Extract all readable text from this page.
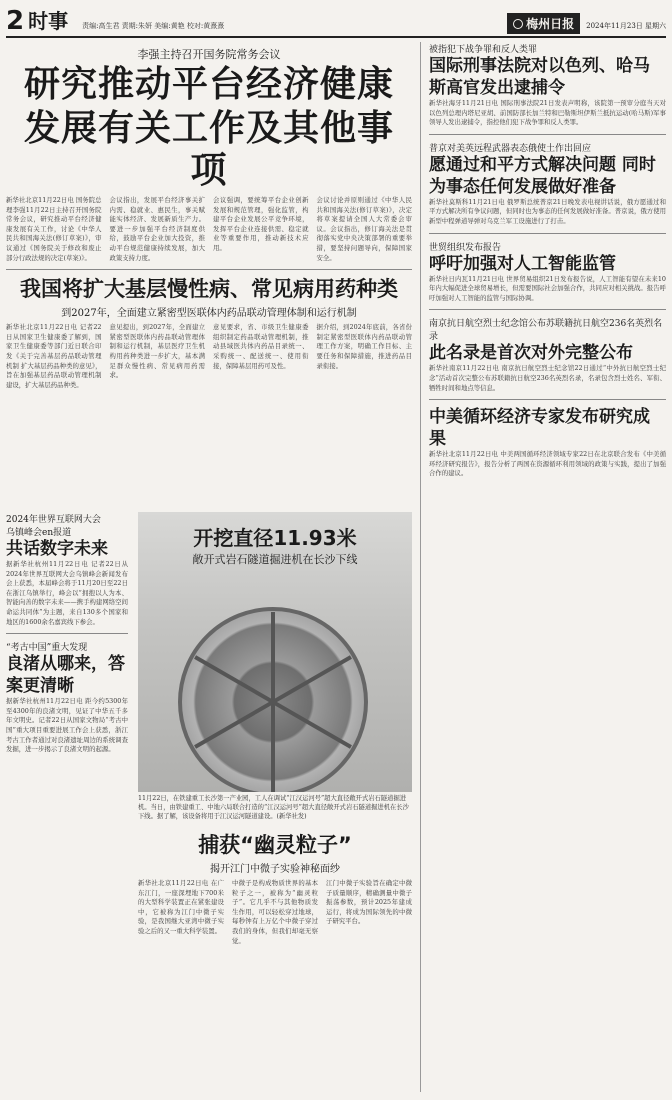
2 时事 责编:高生君 责期:朱妍 美编:黄艳 校对:黄熹熹	梅州日报 2024年11月23日 星期六
李强主持召开国务院常务会议
研究推动平台经济健康
发展有关工作及其他事项

新华社北京11月22日电 国务院总理李强11月22日主持召开国务院常务会议，研究推动平台经济健康发展有关工作，讨论《中华人民共和国海关法(修订草案)》，审议通过《国务院关于修改和废止部分行政法规的决定(草案)》。

会议指出，发展平台经济事关扩内需、稳就业、惠民生，事关赋能实体经济、发展新质生产力。要进一步加强平台经济制度供给，鼓励平台企业加大投资，推动平台规范健康持续发展，加大政策支持力度。

会议强调，要统筹平台企业创新发展和规范管理，强化监管，构建平台企业发展公平竞争环境，发挥平台企业连接供需、稳定就业等重要作用，推动新技术应用。

会议讨论并原则通过《中华人民共和国海关法(修订草案)》，决定将草案提请全国人大常委会审议。会议指出，修订海关法是贯彻落实党中央决策部署的重要举措，要坚持问题导向，保障国家安全。

我国将扩大基层慢性病、常见病用药种类
到2027年，全面建立紧密型医联体内药品联动管理体制和运行机制

新华社北京11月22日电 记者22日从国家卫生健康委了解到，国家卫生健康委等部门近日联合印发《关于完善基层药品联动管理机制 扩大基层药品种类的意见》，旨在加强基层药品联动管理机制建设，扩大基层药品种类。

意见提出，到2027年，全面建立紧密型医联体内药品联动管理体制和运行机制，基层医疗卫生机构用药种类进一步扩大，基本满足群众慢性病、常见病用药需求。

意见要求，省、市级卫生健康委组织制定药品联动管理机制，推动县域医共体内药品目录统一、采购统一、配送统一、使用衔接，保障基层用药可及性。

据介绍，到2024年底前，各省份制定紧密型医联体内药品联动管理工作方案，明确工作目标、主要任务和保障措施，推进药品目录衔接。

2024年世界互联网大会
乌镇峰会en报道
共话数字未来

据新华社杭州11月22日电 记者22日从2024年世界互联网大会乌镇峰会新闻发布会上获悉，本届峰会将于11月20日至22日在浙江乌镇举行，峰会以“拥抱以人为本、智能向善的数字未来——携手构建网络空间命运共同体”为主题，来自130多个国家和地区的1600余名嘉宾线下参会。

“考古中国”重大发现
良渚从哪来，答案更清晰

据新华社杭州11月22日电 距今约5300年至4300年的良渚文明，见证了中华五千多年文明史。记者22日从国家文物局“考古中国”重大项目重要进展工作会上获悉，浙江考古工作者通过对良渚遗址周边的系统调查发掘，进一步揭示了良渚文明的起源。

开挖直径11.93米
敞开式岩石隧道掘进机在长沙下线
11月22日，在铁建重工长沙第一产业园，工人在调试“江汉运河号”超大直径敞开式岩石隧道掘进机。当日，由铁建重工、中地六局联合打造的“江汉运河号”超大直径敞开式岩石隧道掘进机在长沙下线。据了解，该设备将用于江汉运河隧道建设。(新华社发)
捕获“幽灵粒子”
揭开江门中微子实验神秘面纱

新华社北京11月22日电 在广东江门，一座深埋地下700米的大型科学装置正在紧张建设中，它被称为江门中微子实验，是我国继大亚湾中微子实验之后的又一重大科学装置。

中微子是构成物质世界的基本粒子之一，被称为“幽灵粒子”。它几乎不与其他物质发生作用，可以轻松穿过地球，每秒钟有上万亿个中微子穿过我们的身体，但我们却毫无察觉。

江门中微子实验旨在确定中微子质量顺序，精确测量中微子振荡参数，预计2025年建成运行，将成为国际领先的中微子研究平台。

被指犯下战争罪和反人类罪
国际刑事法院对以色列、哈马斯高官发出逮捕令

新华社海牙11月21日电 国际刑事法院21日发表声明称，该院第一预审分庭当天对以色列总理内塔尼亚胡、前国防部长加兰特和巴勒斯坦伊斯兰抵抗运动(哈马斯)军事领导人发出逮捕令，指控他们犯下战争罪和反人类罪。

普京对美英远程武器表态俄使土作出回应
愿通过和平方式解决问题 同时为事态任何发展做好准备

新华社莫斯科11月21日电 俄罗斯总统普京21日晚发表电视讲话说，俄方愿通过和平方式解决所有争议问题，但同时也为事态的任何发展做好准备。普京说，俄方使用新型中程弹道导弹对乌克兰军工设施进行了打击。

世贸组织发布报告
呼吁加强对人工智能监管

新华社日内瓦11月21日电 世界贸易组织21日发布报告说，人工智能有望在未来10年内大幅促进全球贸易增长，但需要国际社会加强合作，共同应对相关挑战。报告呼吁加强对人工智能的监管与国际协调。

南京抗日航空烈士纪念馆公布苏联籍抗日航空236名英烈名录
此名录是首次对外完整公布

新华社南京11月22日电 南京抗日航空烈士纪念馆22日通过“中外抗日航空烈士纪念”活动首次完整公布苏联籍抗日航空236名英烈名录，名录包含烈士姓名、军衔、牺牲时间和地点等信息。

中美循环经济专家发布研究成果

新华社北京11月22日电 中美两国循环经济领域专家22日在北京联合发布《中美循环经济研究报告》，报告分析了两国在资源循环利用领域的政策与实践，提出了加强合作的建议。
